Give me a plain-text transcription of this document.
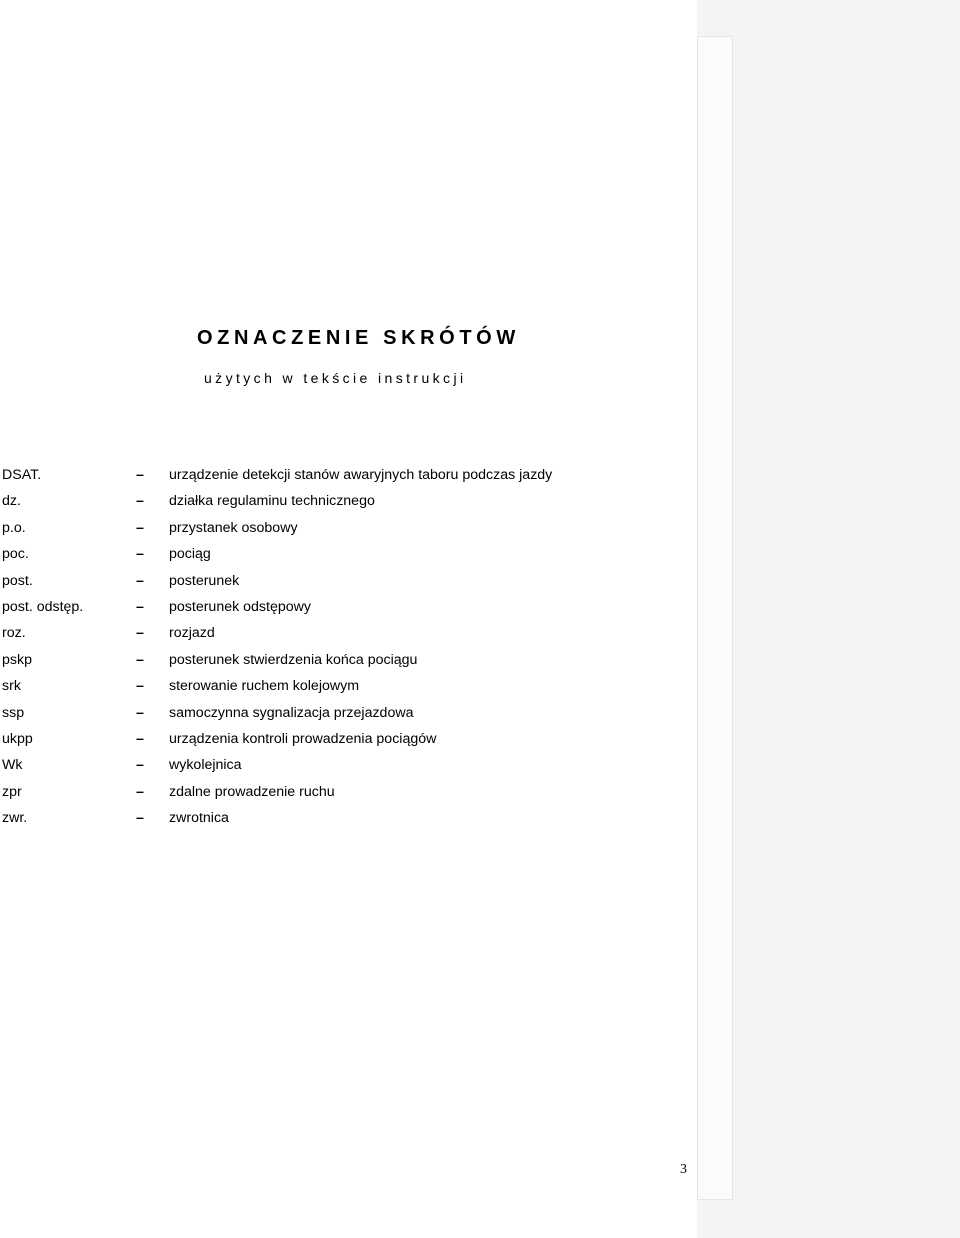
OZNACZENIE SKRÓTÓW
użytych w tekście instrukcji
DSAT.	– urządzenie detekcji stanów awaryjnych taboru podczas jazdy
dz.	– działka regulaminu technicznego
p.o.	– przystanek osobowy
poc.	– pociąg
post.	– posterunek
post. odstęp.	– posterunek odstępowy
roz.	– rozjazd
pskp	– posterunek stwierdzenia końca pociągu
srk	– sterowanie ruchem kolejowym
ssp	– samoczynna sygnalizacja przejazdowa
ukpp	– urządzenia kontroli prowadzenia pociągów
Wk	– wykolejnica
zpr	– zdalne prowadzenie ruchu
zwr.	– zwrotnica
3
